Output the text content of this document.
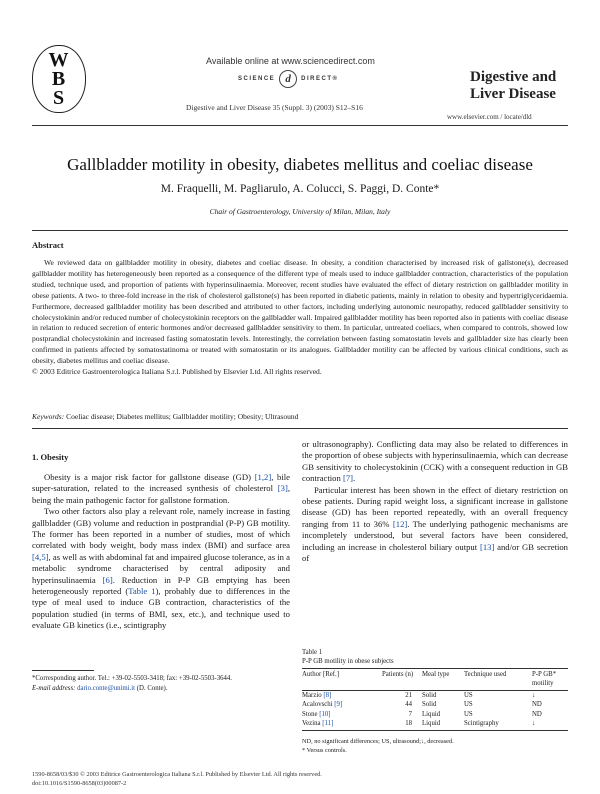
W
B
S
Available online at www.sciencedirect.com
SCIENCE d	DIRECT®
Digestive and Liver Disease 35 (Suppl. 3) (2003) S12–S16
Digestive and
Liver Disease
www.elsevier.com / locate/dld
Gallbladder motility in obesity, diabetes mellitus and coeliac disease
M. Fraquelli, M. Pagliarulo, A. Colucci, S. Paggi, D. Conte*
Chair of Gastroenterology, University of Milan, Milan, Italy
Abstract
We reviewed data on gallbladder motility in obesity, diabetes and coeliac disease. In obesity, a condition characterised by increased risk of gallstone(s), decreased gallbladder motility has heterogeneously been reported as a consequence of the different type of meals used to induce gallbladder contraction, characteristics of the population studied, technique used, and proportion of patients with hyperinsulinaemia. Moreover, recent studies have evaluated the effect of dietary restriction on gallbladder motility in obese patients. A two- to three-fold increase in the risk of cholesterol gallstone(s) has been reported in diabetic patients, mainly in relation to obesity and hypertriglyceridaemia. Furthermore, decreased gallbladder motility has been described and attributed to other factors, including underlying autonomic neuropathy, reduced gallbladder sensitivity to cholecystokinin and/or reduced number of cholecystokinin receptors on the gallbladder wall. Impaired gallbladder motility has been reported also in patients with coeliac disease in relation to reduced secretion of enteric hormones and/or decreased gallbladder sensitivity to them. In particular, untreated coeliacs, when compared to controls, showed low postprandial cholecystokinin and increased fasting somatostatin levels. Interestingly, the correlation between fasting somatostatin levels and gallbladder size has clearly been confirmed in patients affected by somatostatinoma or treated with somatostatin or its analogues. Gallbladder motility can be affected by various clinical conditions, such as obesity, diabetes mellitus and coeliac disease.
© 2003 Editrice Gastroenterologica Italiana S.r.l. Published by Elsevier Ltd. All rights reserved.
Keywords: Coeliac disease; Diabetes mellitus; Gallbladder motility; Obesity; Ultrasound
1. Obesity

Obesity is a major risk factor for gallstone disease (GD) [1,2], bile super-saturation, related to the increased synthesis of cholesterol [3], being the main pathogenic factor for gallstone formation.

Two other factors also play a relevant role, namely increase in fasting gallbladder (GB) volume and reduction in postprandial (P-P) GB motility. The former has been reported in a number of studies, most of which correlated with body weight, body mass index (BMI) and surface area [4,5], as well as with abdominal fat and impaired glucose tolerance, as in a metabolic syndrome characterised by central adiposity and hyperinsulinaemia [6]. Reduction in P-P GB emptying has been heterogeneously reported (Table 1), probably due to differences in the type of meal used to induce GB contraction, characteristics of the population studied (in terms of BMI, sex, etc.), and technique used to evaluate GB kinetics (i.e., scintigraphy

or ultrasonography). Conflicting data may also be related to differences in the proportion of obese subjects with hyperinsulinaemia, which can decrease GB sensitivity to cholecystokinin (CCK) with a consequent reduction in GB contraction [7].

Particular interest has been shown in the effect of dietary restriction on obese patients. During rapid weight loss, a significant increase in gallstone disease (GD) has been reported repeatedly, with an overall frequency ranging from 11 to 36% [12]. The underlying pathogenic mechanisms are incompletely understood, but several factors have been considered, including an increase in cholesterol biliary output [13] and/or GB secretion of

*Corresponding author. Tel.: +39-02-5503-3418; fax: +39-02-5503-3644.

E-mail address: dario.conte@unimi.it (D. Conte).

Table 1
P-P GB motility in obese subjects
Author [Ref.]	Patients (n)	Meal type	Technique used	P-P GB* motility
Marzio [8]	21	Solid	US	↓
Acalovschi [9]	44	Solid	US	ND
Stone [10]	7	Liquid	US	ND
Vezina [11]	18	Liquid	Scintigraphy	↓
ND, no significant differences; US, ultrasound;↓, decreased.
* Versus controls.
1590-8658/03/$30 © 2003 Editrice Gastroenterologica Italiana S.r.l. Published by Elsevier Ltd. All rights reserved.
doi:10.1016/S1590-8658(03)00087-2
